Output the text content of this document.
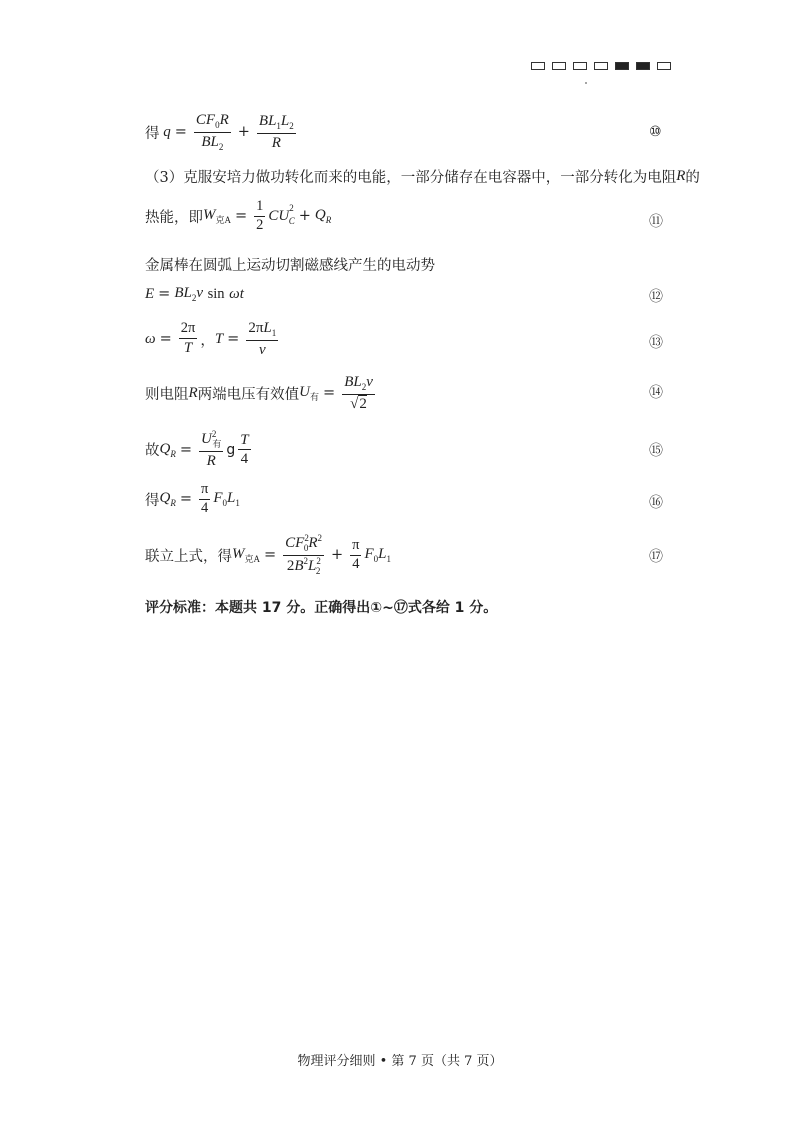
得 $q = \frac{CF_0R}{BL_2} + \frac{BL_1L_2}{R}$	⑩
（3）克服安培力做功转化而来的电能，一部分储存在电容器中，一部分转化为电阻 R 的
热能，即 $W_{克A} = \frac{1}{2} CU^2_C + Q_R$	⑪
金属棒在圆弧上运动切割磁感线产生的电动势
$E = BL_2v$
sin
ωt	⑫
$\omega = \frac{2\pi}{T}$ ， $T = \frac{2\pi L_1}{v}$	⑬
则电阻 R 两端电压有效值 $U_有 = \frac{BL_2v}{√2}$	⑭
故 $Q_R = \frac{U^2_有}{R}$ g $\frac{T}{4}$	⑮
得 $Q_R = \frac{\pi}{4} F_0L_1$	⑯
联立上式，得 $W_{克A} = \frac{CF^2_0R^2}{2B^2L^2_2} + \frac{\pi}{4} F_0L_1$	⑰
评分标准：本题共 17 分。正确得出①~⑰式各给 1 分。
物理评分细则 • 第 7 页（共 7 页）
